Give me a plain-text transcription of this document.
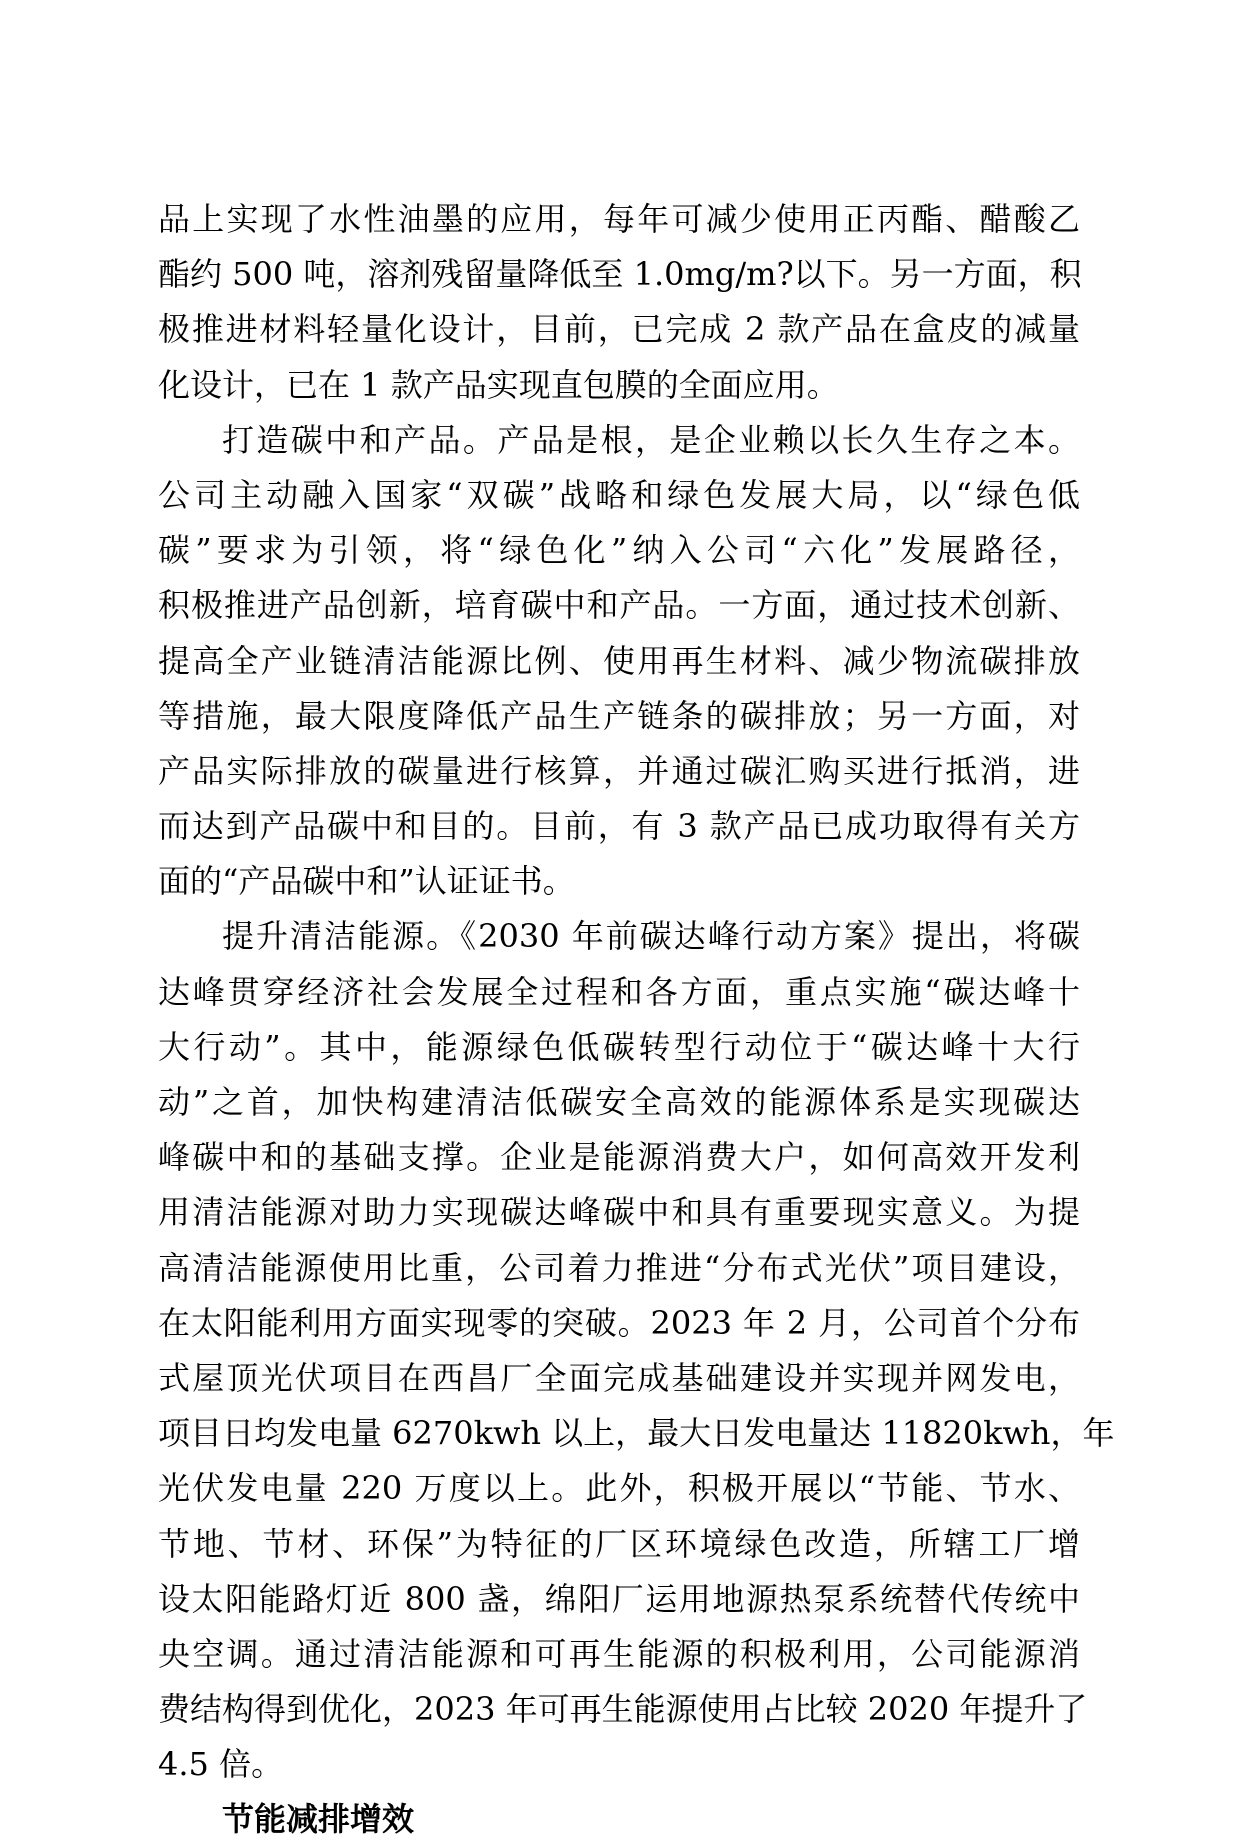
品上实现了水性油墨的应用，每年可减少使用正丙酯、醋酸乙
酯约 500 吨，溶剂残留量降低至 1.0mg/m?以下。另一方面，积
极推进材料轻量化设计，目前，已完成 2 款产品在盒皮的减量
化设计，已在 1 款产品实现直包膜的全面应用。
打造碳中和产品。产品是根，是企业赖以长久生存之本。
公司主动融入国家“双碳”战略和绿色发展大局，以“绿色低
碳”要求为引领，将“绿色化”纳入公司“六化”发展路径，
积极推进产品创新，培育碳中和产品。一方面，通过技术创新、
提高全产业链清洁能源比例、使用再生材料、减少物流碳排放
等措施，最大限度降低产品生产链条的碳排放；另一方面，对
产品实际排放的碳量进行核算，并通过碳汇购买进行抵消，进
而达到产品碳中和目的。目前，有 3 款产品已成功取得有关方
面的“产品碳中和”认证证书。
提升清洁能源。《2030 年前碳达峰行动方案》提出，将碳
达峰贯穿经济社会发展全过程和各方面，重点实施“碳达峰十
大行动”。其中，能源绿色低碳转型行动位于“碳达峰十大行
动”之首，加快构建清洁低碳安全高效的能源体系是实现碳达
峰碳中和的基础支撑。企业是能源消费大户，如何高效开发利
用清洁能源对助力实现碳达峰碳中和具有重要现实意义。为提
高清洁能源使用比重，公司着力推进“分布式光伏”项目建设，
在太阳能利用方面实现零的突破。2023 年 2 月，公司首个分布
式屋顶光伏项目在西昌厂全面完成基础建设并实现并网发电，
项目日均发电量 6270kwh 以上，最大日发电量达 11820kwh，年
光伏发电量 220 万度以上。此外，积极开展以“节能、节水、
节地、节材、环保”为特征的厂区环境绿色改造，所辖工厂增
设太阳能路灯近 800 盏，绵阳厂运用地源热泵系统替代传统中
央空调。通过清洁能源和可再生能源的积极利用，公司能源消
费结构得到优化，2023 年可再生能源使用占比较 2020 年提升了
4.5 倍。
节能减排增效
